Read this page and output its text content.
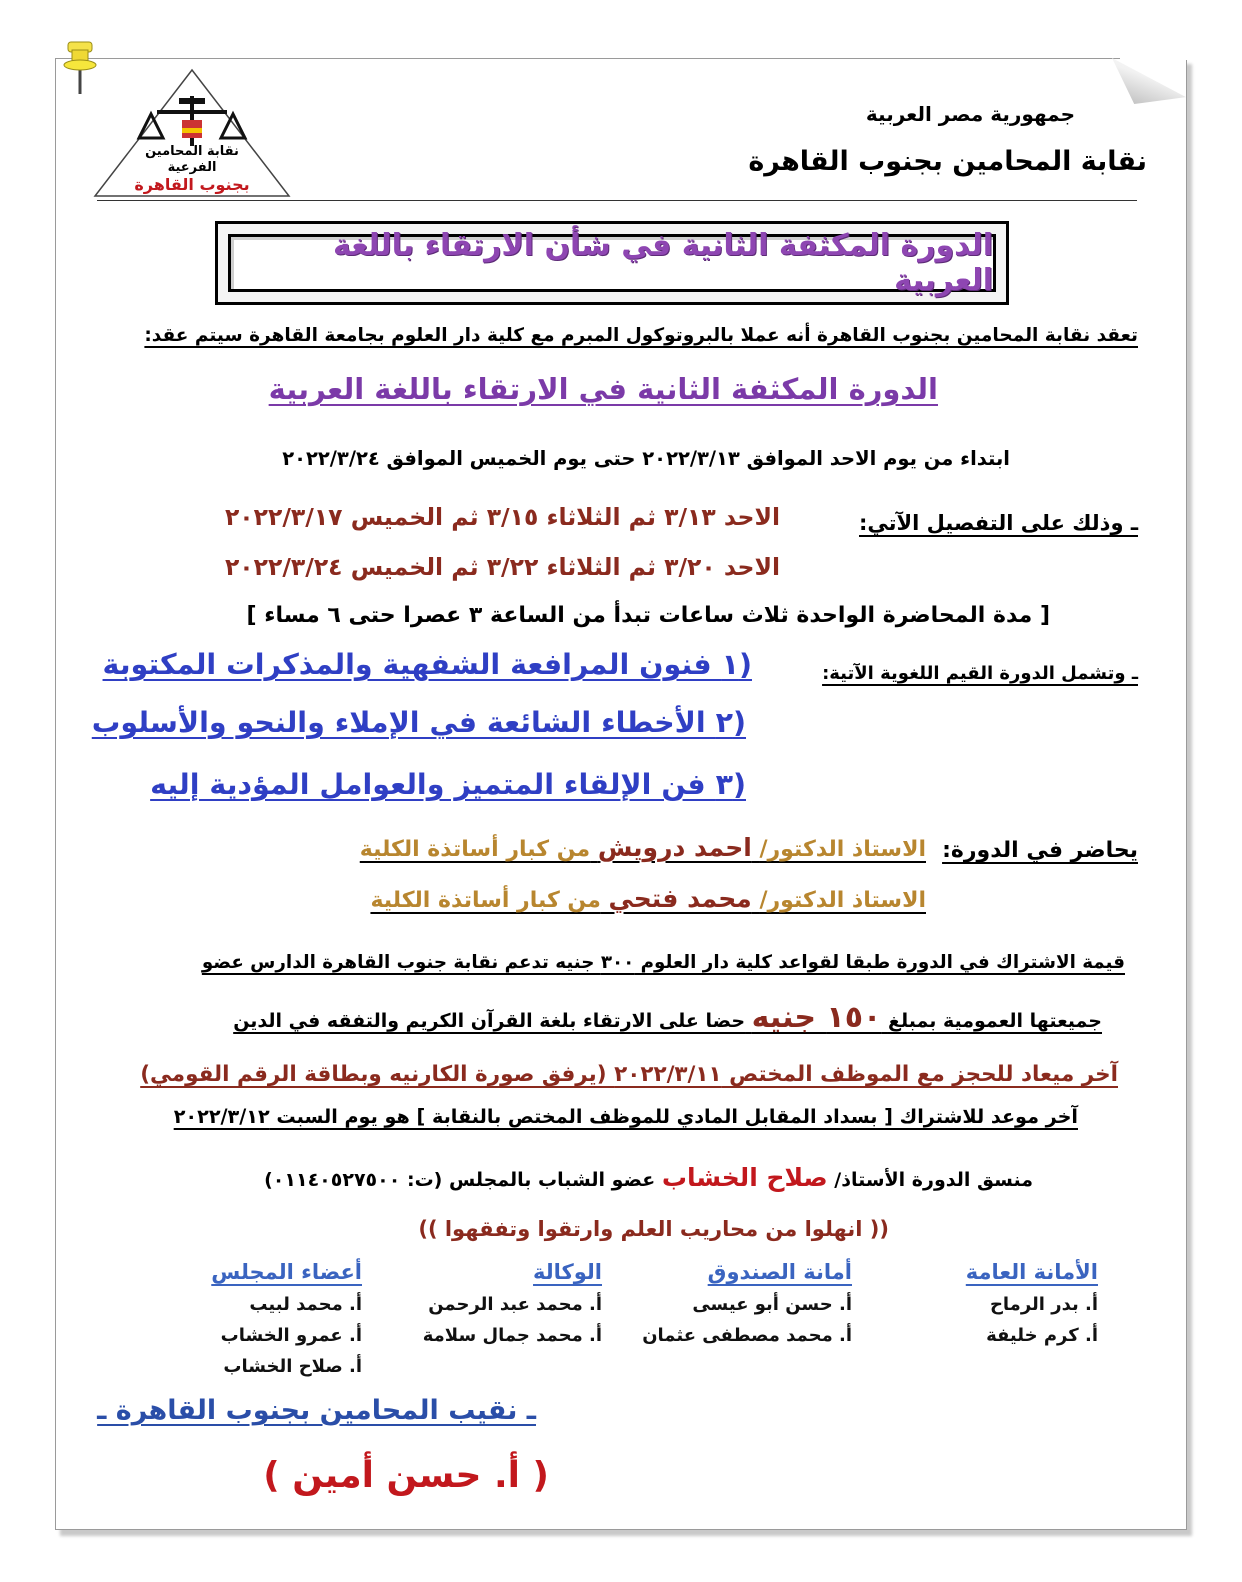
نقابة المحامين
الفرعية
بجنوب القاهرة
جمهورية مصر العربية
نقابة المحامين بجنوب القاهرة
الدورة المكثفة الثانية في شأن الارتقاء باللغة العربية
تعقد نقابة المحامين بجنوب القاهرة أنه عملا بالبروتوكول المبرم مع كلية دار العلوم بجامعة القاهرة سيتم عقد:
الدورة المكثفة الثانية في الارتقاء باللغة العربية
ابتداء من يوم الاحد الموافق ٢٠٢٢/٣/١٣ حتى يوم الخميس الموافق ٢٠٢٢/٣/٢٤
ـ وذلك على التفصيل الآتي:
الاحد ٣/١٣ ثم الثلاثاء ٣/١٥ ثم الخميس ٢٠٢٢/٣/١٧
الاحد ٣/٢٠ ثم الثلاثاء ٣/٢٢ ثم الخميس ٢٠٢٢/٣/٢٤
[ مدة المحاضرة الواحدة ثلاث ساعات تبدأ من الساعة ٣ عصرا حتى ٦ مساء ]
ـ وتشمل الدورة القيم اللغوية الآتية:
(١ فنون المرافعة الشفهية والمذكرات المكتوبة
(٢ الأخطاء الشائعة في الإملاء والنحو والأسلوب
(٣ فن الإلقاء المتميز والعوامل المؤدية إليه
يحاضر في الدورة:
الاستاذ الدكتور/ احمد درويش من كبار أساتذة الكلية
الاستاذ الدكتور/ محمد فتحي من كبار أساتذة الكلية
قيمة الاشتراك في الدورة طبقا لقواعد كلية دار العلوم ٣٠٠ جنيه تدعم نقابة جنوب القاهرة الدارس عضو
جميعتها العمومية بمبلغ ١٥٠ جنيه حضا على الارتقاء بلغة القرآن الكريم والتفقه في الدين
آخر ميعاد للحجز مع الموظف المختص ٢٠٢٢/٣/١١ (يرفق صورة الكارنيه وبطاقة الرقم القومي)
آخر موعد للاشتراك [ بسداد المقابل المادي للموظف المختص بالنقابة ] هو يوم السبت ٢٠٢٢/٣/١٢
منسق الدورة الأستاذ/ صلاح الخشاب عضو الشباب بالمجلس (ت: ٠١١٤٠٥٢٧٥٠٠)
(( انهلوا من محاريب العلم وارتقوا وتفقهوا ))
الأمانة العامة
أ. بدر الرماح
أ. كرم خليفة
أمانة الصندوق
أ. حسن أبو عيسى
أ. محمد مصطفى عثمان
الوكالة
أ. محمد عبد الرحمن
أ. محمد جمال سلامة
أعضاء المجلس
أ. محمد لبيب
أ. عمرو الخشاب
أ. صلاح الخشاب
ـ نقيب المحامين بجنوب القاهرة ـ
( أ. حسن أمين )
